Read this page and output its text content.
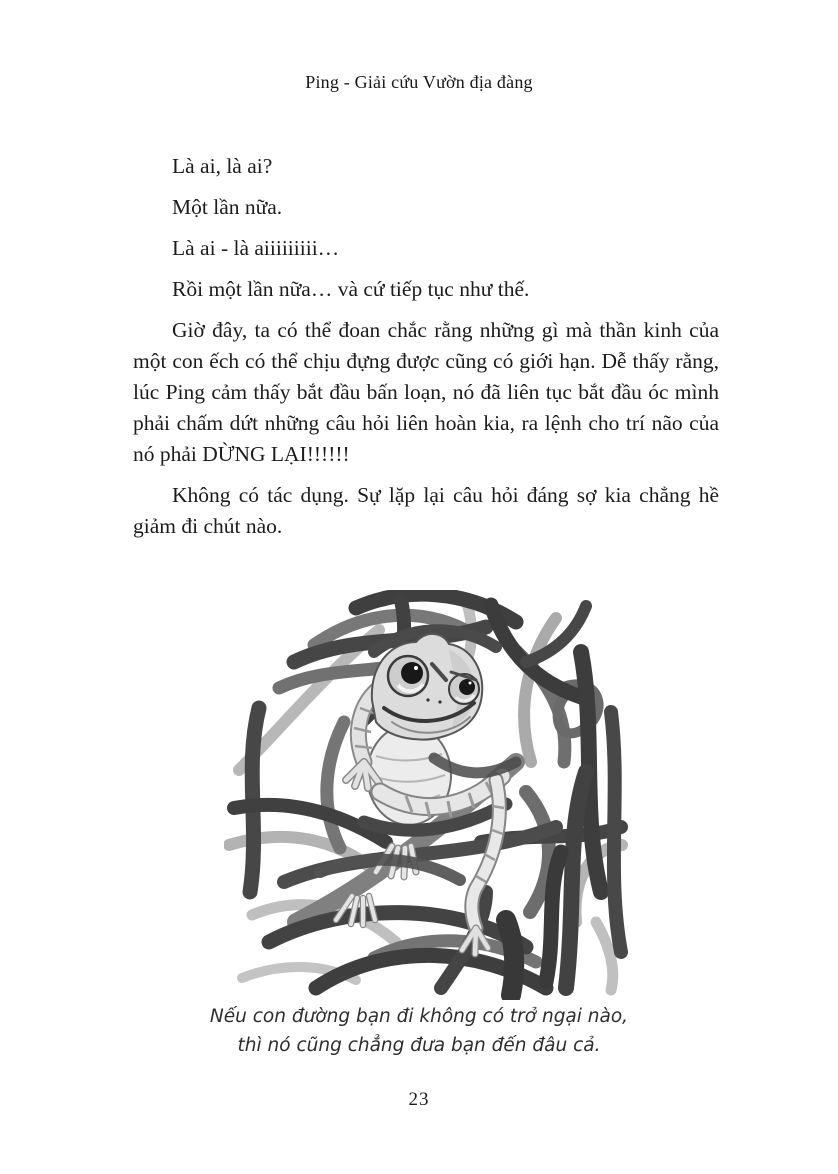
Ping - Giải cứu Vườn địa đàng

Là ai, là ai?

Một lần nữa.

Là ai - là aiiiiiiiii…

Rồi một lần nữa… và cứ tiếp tục như thế.

Giờ đây, ta có thể đoan chắc rằng những gì mà thần kinh của một con ếch có thể chịu đựng được cũng có giới hạn. Dễ thấy rằng, lúc Ping cảm thấy bắt đầu bấn loạn, nó đã liên tục bắt đầu óc mình phải chấm dứt những câu hỏi liên hoàn kia, ra lệnh cho trí não của nó phải DỪNG LẠI!!!!!!

Không có tác dụng. Sự lặp lại câu hỏi đáng sợ kia chẳng hề giảm đi chút nào.

Nếu con đường bạn đi không có trở ngại nào,
thì nó cũng chẳng đưa bạn đến đâu cả.
23
